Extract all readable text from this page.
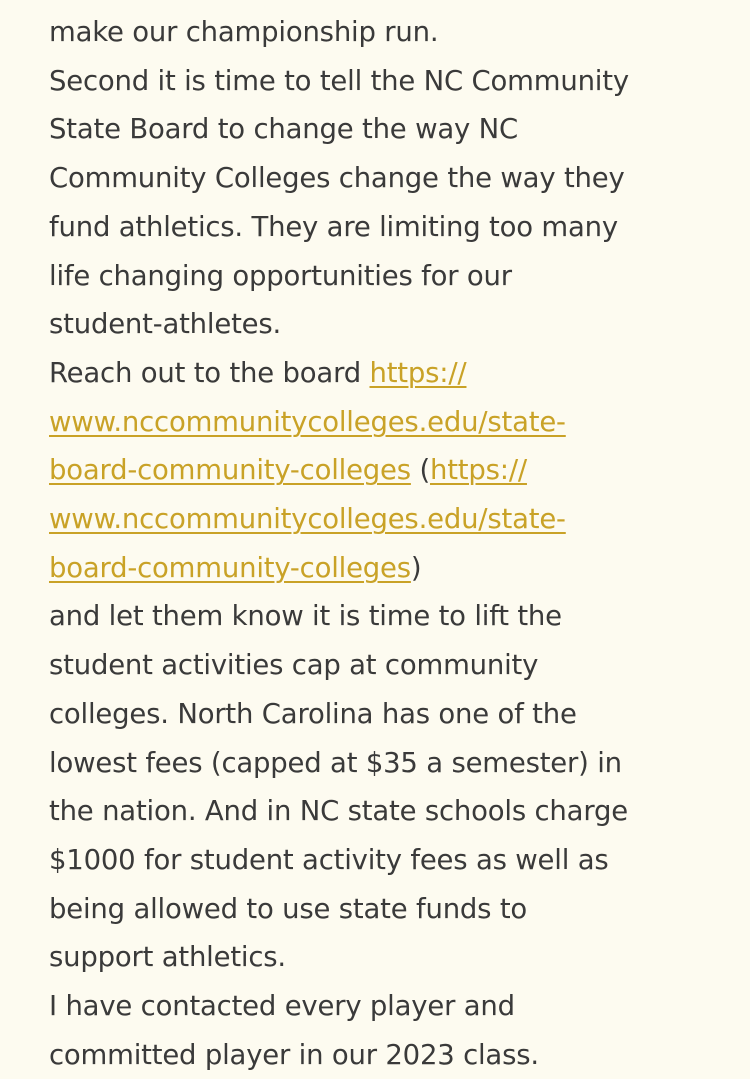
make our championship run.
Second it is time to tell the NC Community
State Board to change the way NC
Community Colleges change the way they
fund athletics. They are limiting too many
life changing opportunities for our
student-athletes.
Reach out to the board https://
www.nccommunitycolleges.edu/state-
board-community-colleges (https://
www.nccommunitycolleges.edu/state-
board-community-colleges)
and let them know it is time to lift the
student activities cap at community
colleges. North Carolina has one of the
lowest fees (capped at $35 a semester) in
the nation. And in NC state schools charge
$1000 for student activity fees as well as
being allowed to use state funds to
support athletics.
I have contacted every player and
committed player in our 2023 class.
